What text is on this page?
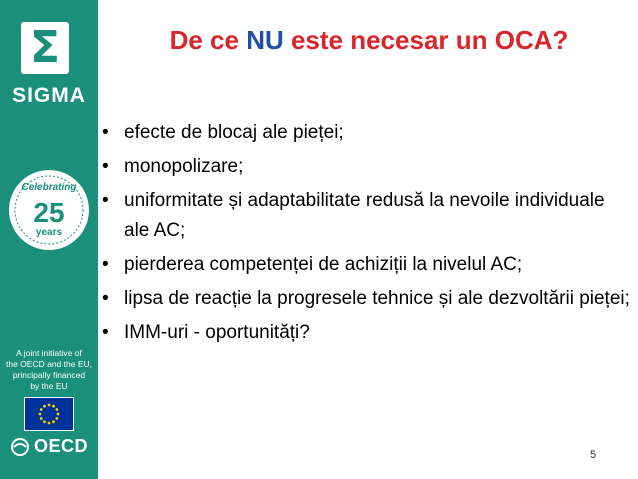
Σ
SIGMA
Celebrating
25
years
A joint initiative of
the OECD and the EU,
principally financed
by the EU
OECD
De ce NU este necesar un OCA?
• efecte de blocaj ale pieței;
• monopolizare;
• uniformitate și adaptabilitate redusă la nevoile individuale ale AC;
• pierderea competenței de achiziții la nivelul AC;
• lipsa de reacție la progresele tehnice și ale dezvoltării pieței;
• IMM-uri - oportunități?
5
